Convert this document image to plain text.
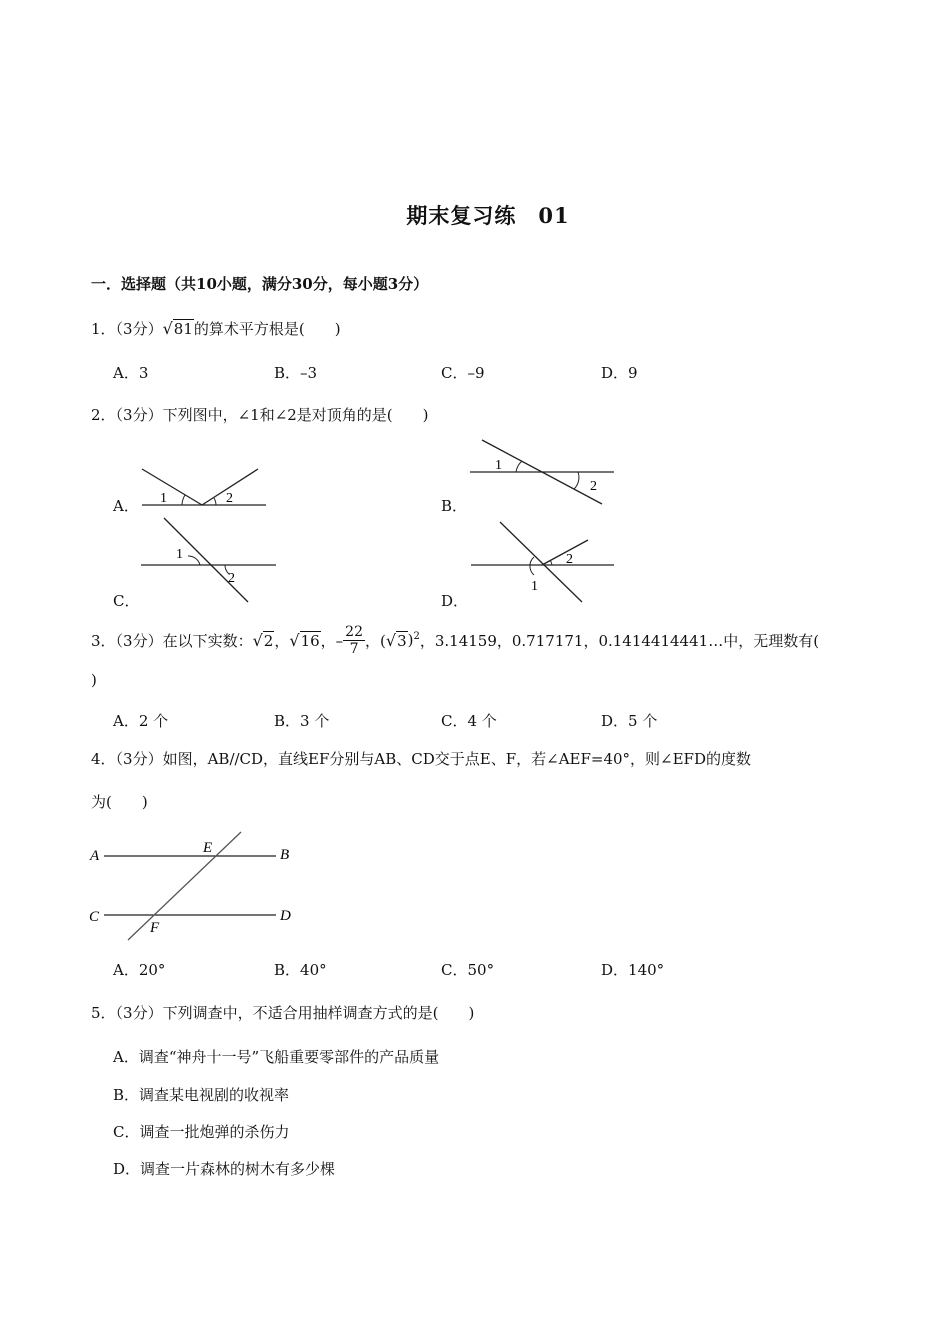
期末复习练　01
一．选择题（共10小题，满分30分，每小题3分）
1．（3分）√81的算术平方根是(　　)
A．3	B．–3	C．–9	D．9
2．（3分）下列图中，∠1和∠2是对顶角的是(　　)
A． 1	2	B．
1
2
C．
1
2
D．
1
2
3．（3分）在以下实数： √ 2 ， √ 16 ，– $\frac{22}{7}$ ，( √ 3 )$^2$ ，3.14159，0.717171，0.1414414441…中，无理数有(
)
A．2 个	B．3 个	C．4 个	D．5 个
4．（3分）如图，AB//CD，直线EF分别与AB、CD交于点E、F，若∠AEF=40°，则∠EFD的度数
为(　　)
A	B
C	D
E
F
A．20°	B．40°	C．50°	D．140°
5．（3分）下列调查中，不适合用抽样调查方式的是(　　)
A．调查“神舟十一号”飞船重要零部件的产品质量
B．调查某电视剧的收视率
C．调查一批炮弹的杀伤力
D．调查一片森林的树木有多少棵
